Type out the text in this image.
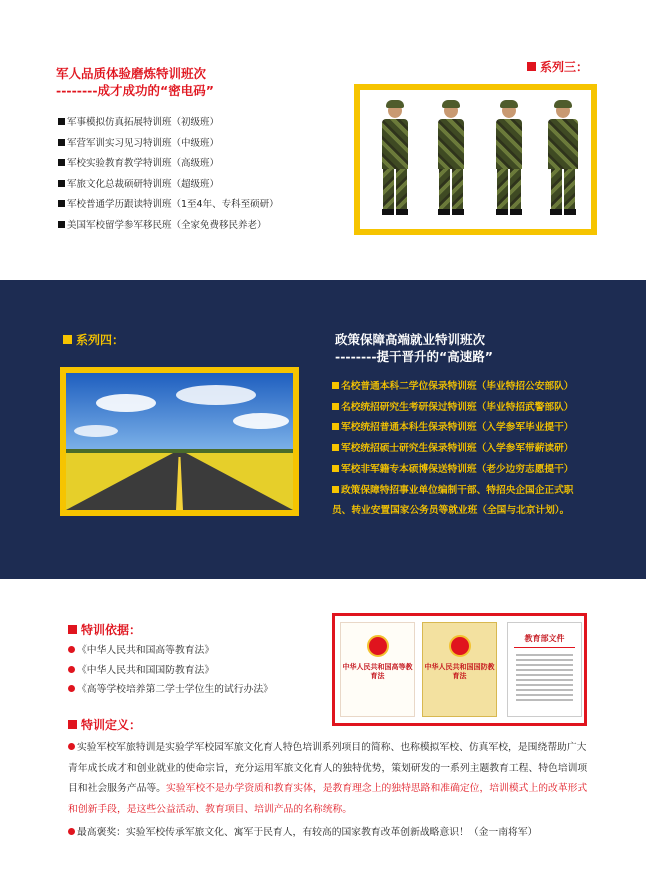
军人品质体验磨炼特训班次
--------成才成功的“密电码”
军事模拟仿真拓展特训班（初级班）
军营军训实习见习特训班（中级班）
军校实验教育教学特训班（高级班）
军旅文化总裁硕研特训班（超级班）
军校普通学历跟读特训班（1至4年、专科至硕研）
美国军校留学参军移民班（全家免费移民养老）
系列三：
系列四：	政策保障高端就业特训班次
--------提干晋升的“高速路”
名校普通本科二学位保录特训班（毕业特招公安部队）
名校统招研究生考研保过特训班（毕业特招武警部队）
军校统招普通本科生保录特训班（入学参军毕业提干）
军校统招硕士研究生保录特训班（入学参军带薪读研）
军校非军籍专本硕博保送特训班（老少边穷志愿提干）
政策保障特招事业单位编制干部、特招央企国企正式职
员、转业安置国家公务员等就业班（全国与北京计划）。
特训依据：
《中华人民共和国高等教育法》
《中华人民共和国国防教育法》
《高等学校培养第二学士学位生的试行办法》
中华人民共和国高等教育法
中华人民共和国国防教育法
教育部文件
特训定义：
实验军校军旅特训是实验学军校园军旅文化育人特色培训系列项目的简称、也称模拟军校、仿真军校，是围绕帮助广大青年成长成才和创业就业的使命宗旨，充分运用军旅文化育人的独特优势，策划研发的一系列主题教育工程、特色培训项目和社会服务产品等。实验军校不是办学资质和教育实体，是教育理念上的独特思路和准确定位，培训模式上的改革形式和创新手段，是这些公益活动、教育项目、培训产品的名称统称。
最高褒奖：实验军校传承军旅文化、寓军于民育人，有较高的国家教育改革创新战略意识！（金一南将军）
